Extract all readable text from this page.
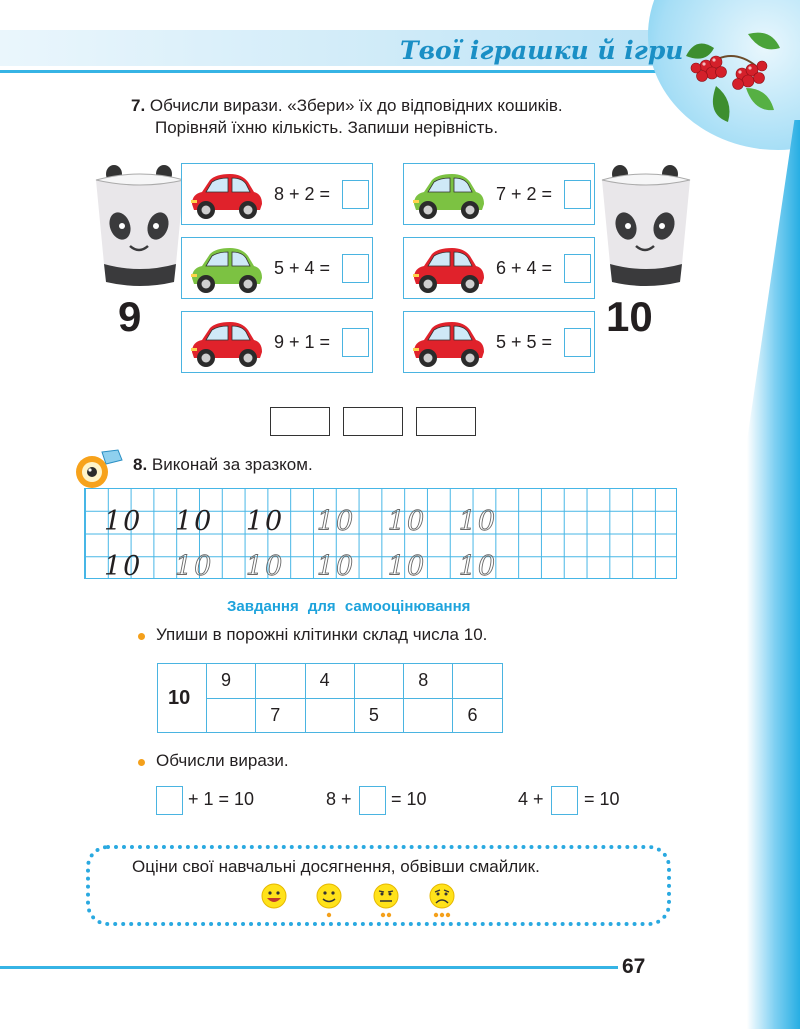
Твої іграшки й ігри
7. Обчисли вирази. «Збери» їх до відповідних кошиків.
Порівняй їхню кількість. Запиши нерівність.
9	10
8 + 2 =
5 + 4 =
9 + 1 =
7 + 2 =
6 + 4 =
5 + 5 =
8. Виконай за зразком.
10 10 10 10 10 10
10 10 10 10 10 10
Завдання для самооцінювання
Упиши в порожні клітинки склад числа 10.
10	9		4		8	
		7		5		6
Обчисли вирази.
+ 1 = 10	8 + = 10	4 + = 10
Оціни свої навчальні досягнення, обвівши смайлик.
67
